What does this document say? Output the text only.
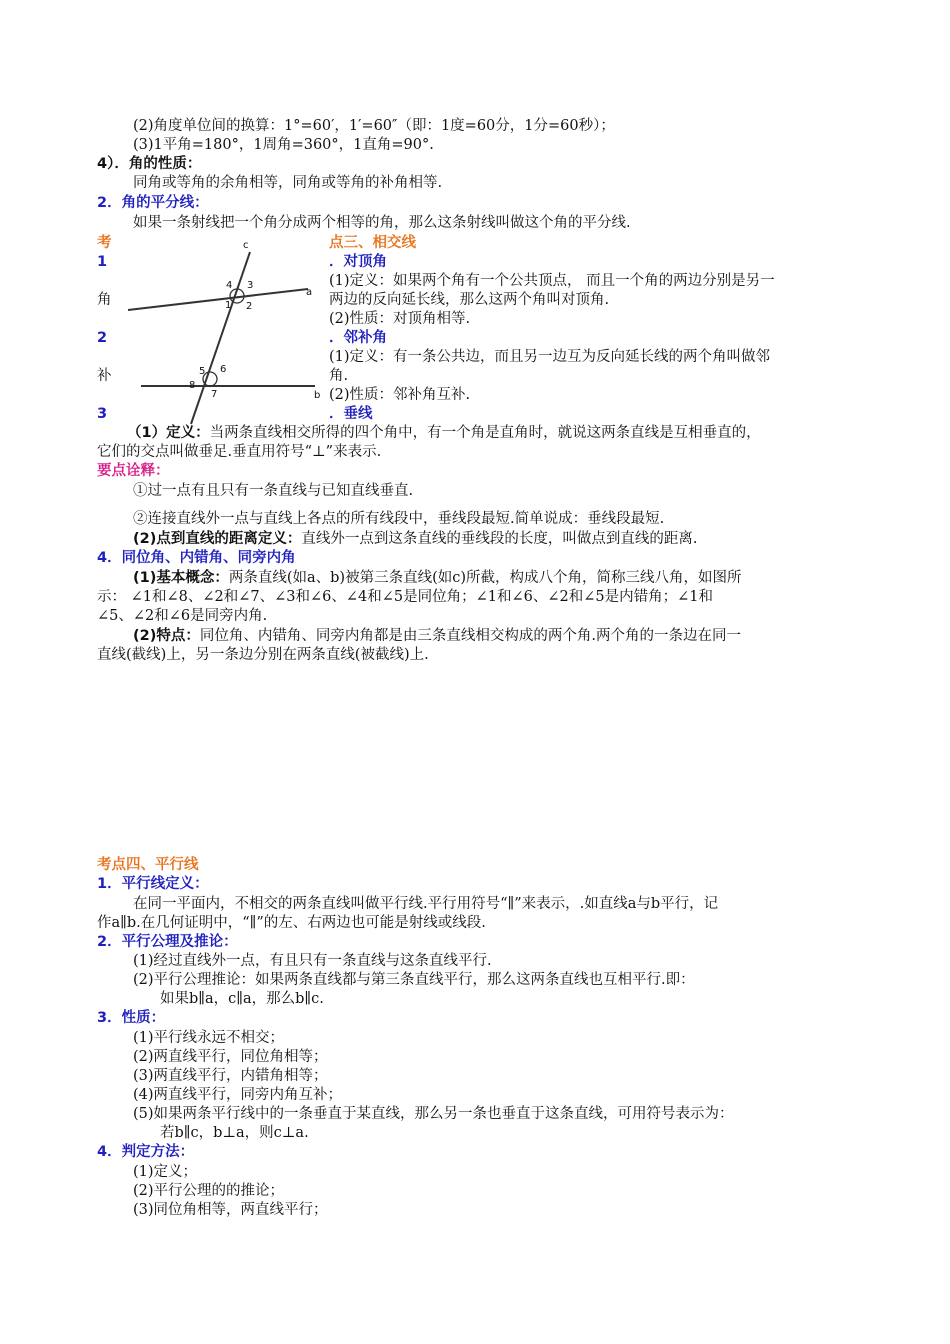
(2)角度单位间的换算：1°=60′，1′=60″（即：1度=60分，1分=60秒）；
(3)1平角=180°，1周角=360°，1直角=90°.
4）．角的性质：
同角或等角的余角相等，同角或等角的补角相等.
2．角的平分线：
如果一条射线把一个角分成两个相等的角，那么这条射线叫做这个角的平分线.
考
1
角
2
补
3
c
a
b
1 2
3
4
5 6
7
8
点三、相交线
．对顶角
(1)定义：如果两个角有一个公共顶点， 而且一个角的两边分别是另一
两边的反向延长线，那么这两个角叫对顶角.
(2)性质：对顶角相等.
．邻补角
(1)定义：有一条公共边，而且另一边互为反向延长线的两个角叫做邻
角.
(2)性质：邻补角互补.
．垂线
（1）定义：当两条直线相交所得的四个角中，有一个角是直角时，就说这两条直线是互相垂直的，
它们的交点叫做垂足.垂直用符号“⊥”来表示.
要点诠释：
①过一点有且只有一条直线与已知直线垂直.
②连接直线外一点与直线上各点的所有线段中，垂线段最短.简单说成：垂线段最短.
(2)点到直线的距离定义：直线外一点到这条直线的垂线段的长度，叫做点到直线的距离.
4．同位角、内错角、同旁内角
(1)基本概念：两条直线(如a、b)被第三条直线(如c)所截，构成八个角，简称三线八角，如图所
示： ∠1和∠8、∠2和∠7、∠3和∠6、∠4和∠5是同位角；∠1和∠6、∠2和∠5是内错角；∠1和
∠5、∠2和∠6是同旁内角.
(2)特点：同位角、内错角、同旁内角都是由三条直线相交构成的两个角.两个角的一条边在同一
直线(截线)上，另一条边分别在两条直线(被截线)上.
考点四、平行线
1．平行线定义：
在同一平面内，不相交的两条直线叫做平行线.平行用符号“∥”来表示，.如直线a与b平行，记
作a∥b.在几何证明中，“∥”的左、右两边也可能是射线或线段.
2．平行公理及推论：
(1)经过直线外一点，有且只有一条直线与这条直线平行.
(2)平行公理推论：如果两条直线都与第三条直线平行，那么这两条直线也互相平行.即：
如果b∥a，c∥a，那么b∥c.
3．性质：
(1)平行线永远不相交；
(2)两直线平行，同位角相等；
(3)两直线平行，内错角相等；
(4)两直线平行，同旁内角互补；
(5)如果两条平行线中的一条垂直于某直线，那么另一条也垂直于这条直线，可用符号表示为：
若b∥c，b⊥a，则c⊥a.
4．判定方法：
(1)定义；
(2)平行公理的的推论；
(3)同位角相等，两直线平行；
